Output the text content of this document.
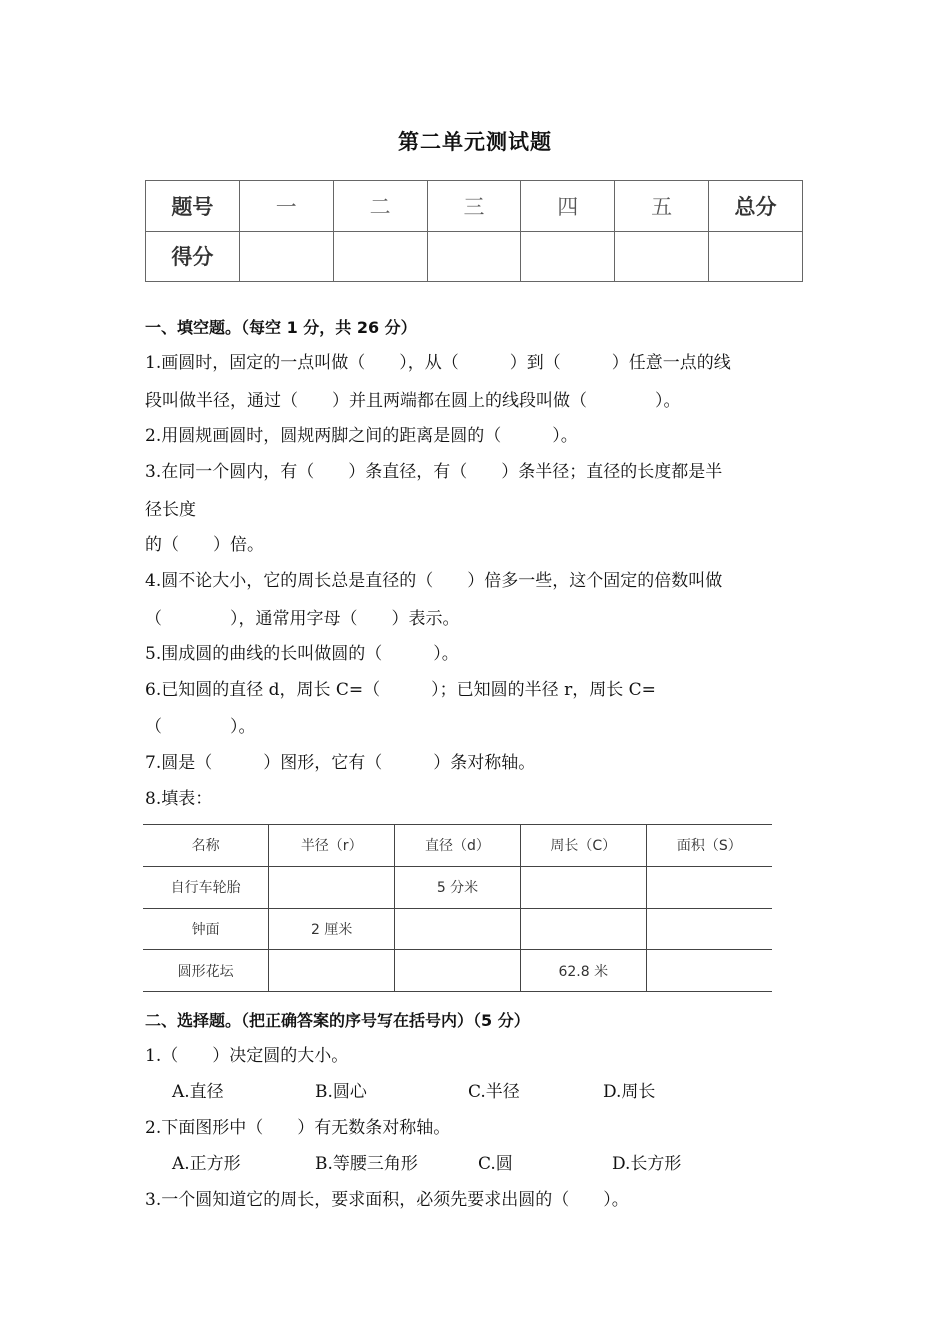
第二单元测试题
题号	一	二	三	四	五	总分
得分						
一、填空题。（每空 1 分，共 26 分）
1.画圆时，固定的一点叫做（　　），从（　　　）到（　　　）任意一点的线
段叫做半径，通过（　　）并且两端都在圆上的线段叫做（　　　　）。
2.用圆规画圆时，圆规两脚之间的距离是圆的（　　　）。
3.在同一个圆内，有（　　）条直径，有（　　）条半径；直径的长度都是半
径长度
的（　　）倍。
4.圆不论大小，它的周长总是直径的（　　）倍多一些，这个固定的倍数叫做
（　　　　），通常用字母（　　）表示。
5.围成圆的曲线的长叫做圆的（　　　）。
6.已知圆的直径 d，周长 C=（　　　）；已知圆的半径 r，周长 C=
（　　　　）。
7.圆是（　　　）图形，它有（　　　）条对称轴。
8.填表：
名称	半径（r）	直径（d）	周长（C）	面积（S）
自行车轮胎		5 分米		
钟面	2 厘米			
圆形花坛			62.8 米	
二、选择题。（把正确答案的序号写在括号内）（5 分）
1.（　　）决定圆的大小。
A.直径	B.圆心	C.半径	D.周长
2.下面图形中（　　）有无数条对称轴。
A.正方形	B.等腰三角形	C.圆	D.长方形
3.一个圆知道它的周长，要求面积，必须先要求出圆的（　　）。
